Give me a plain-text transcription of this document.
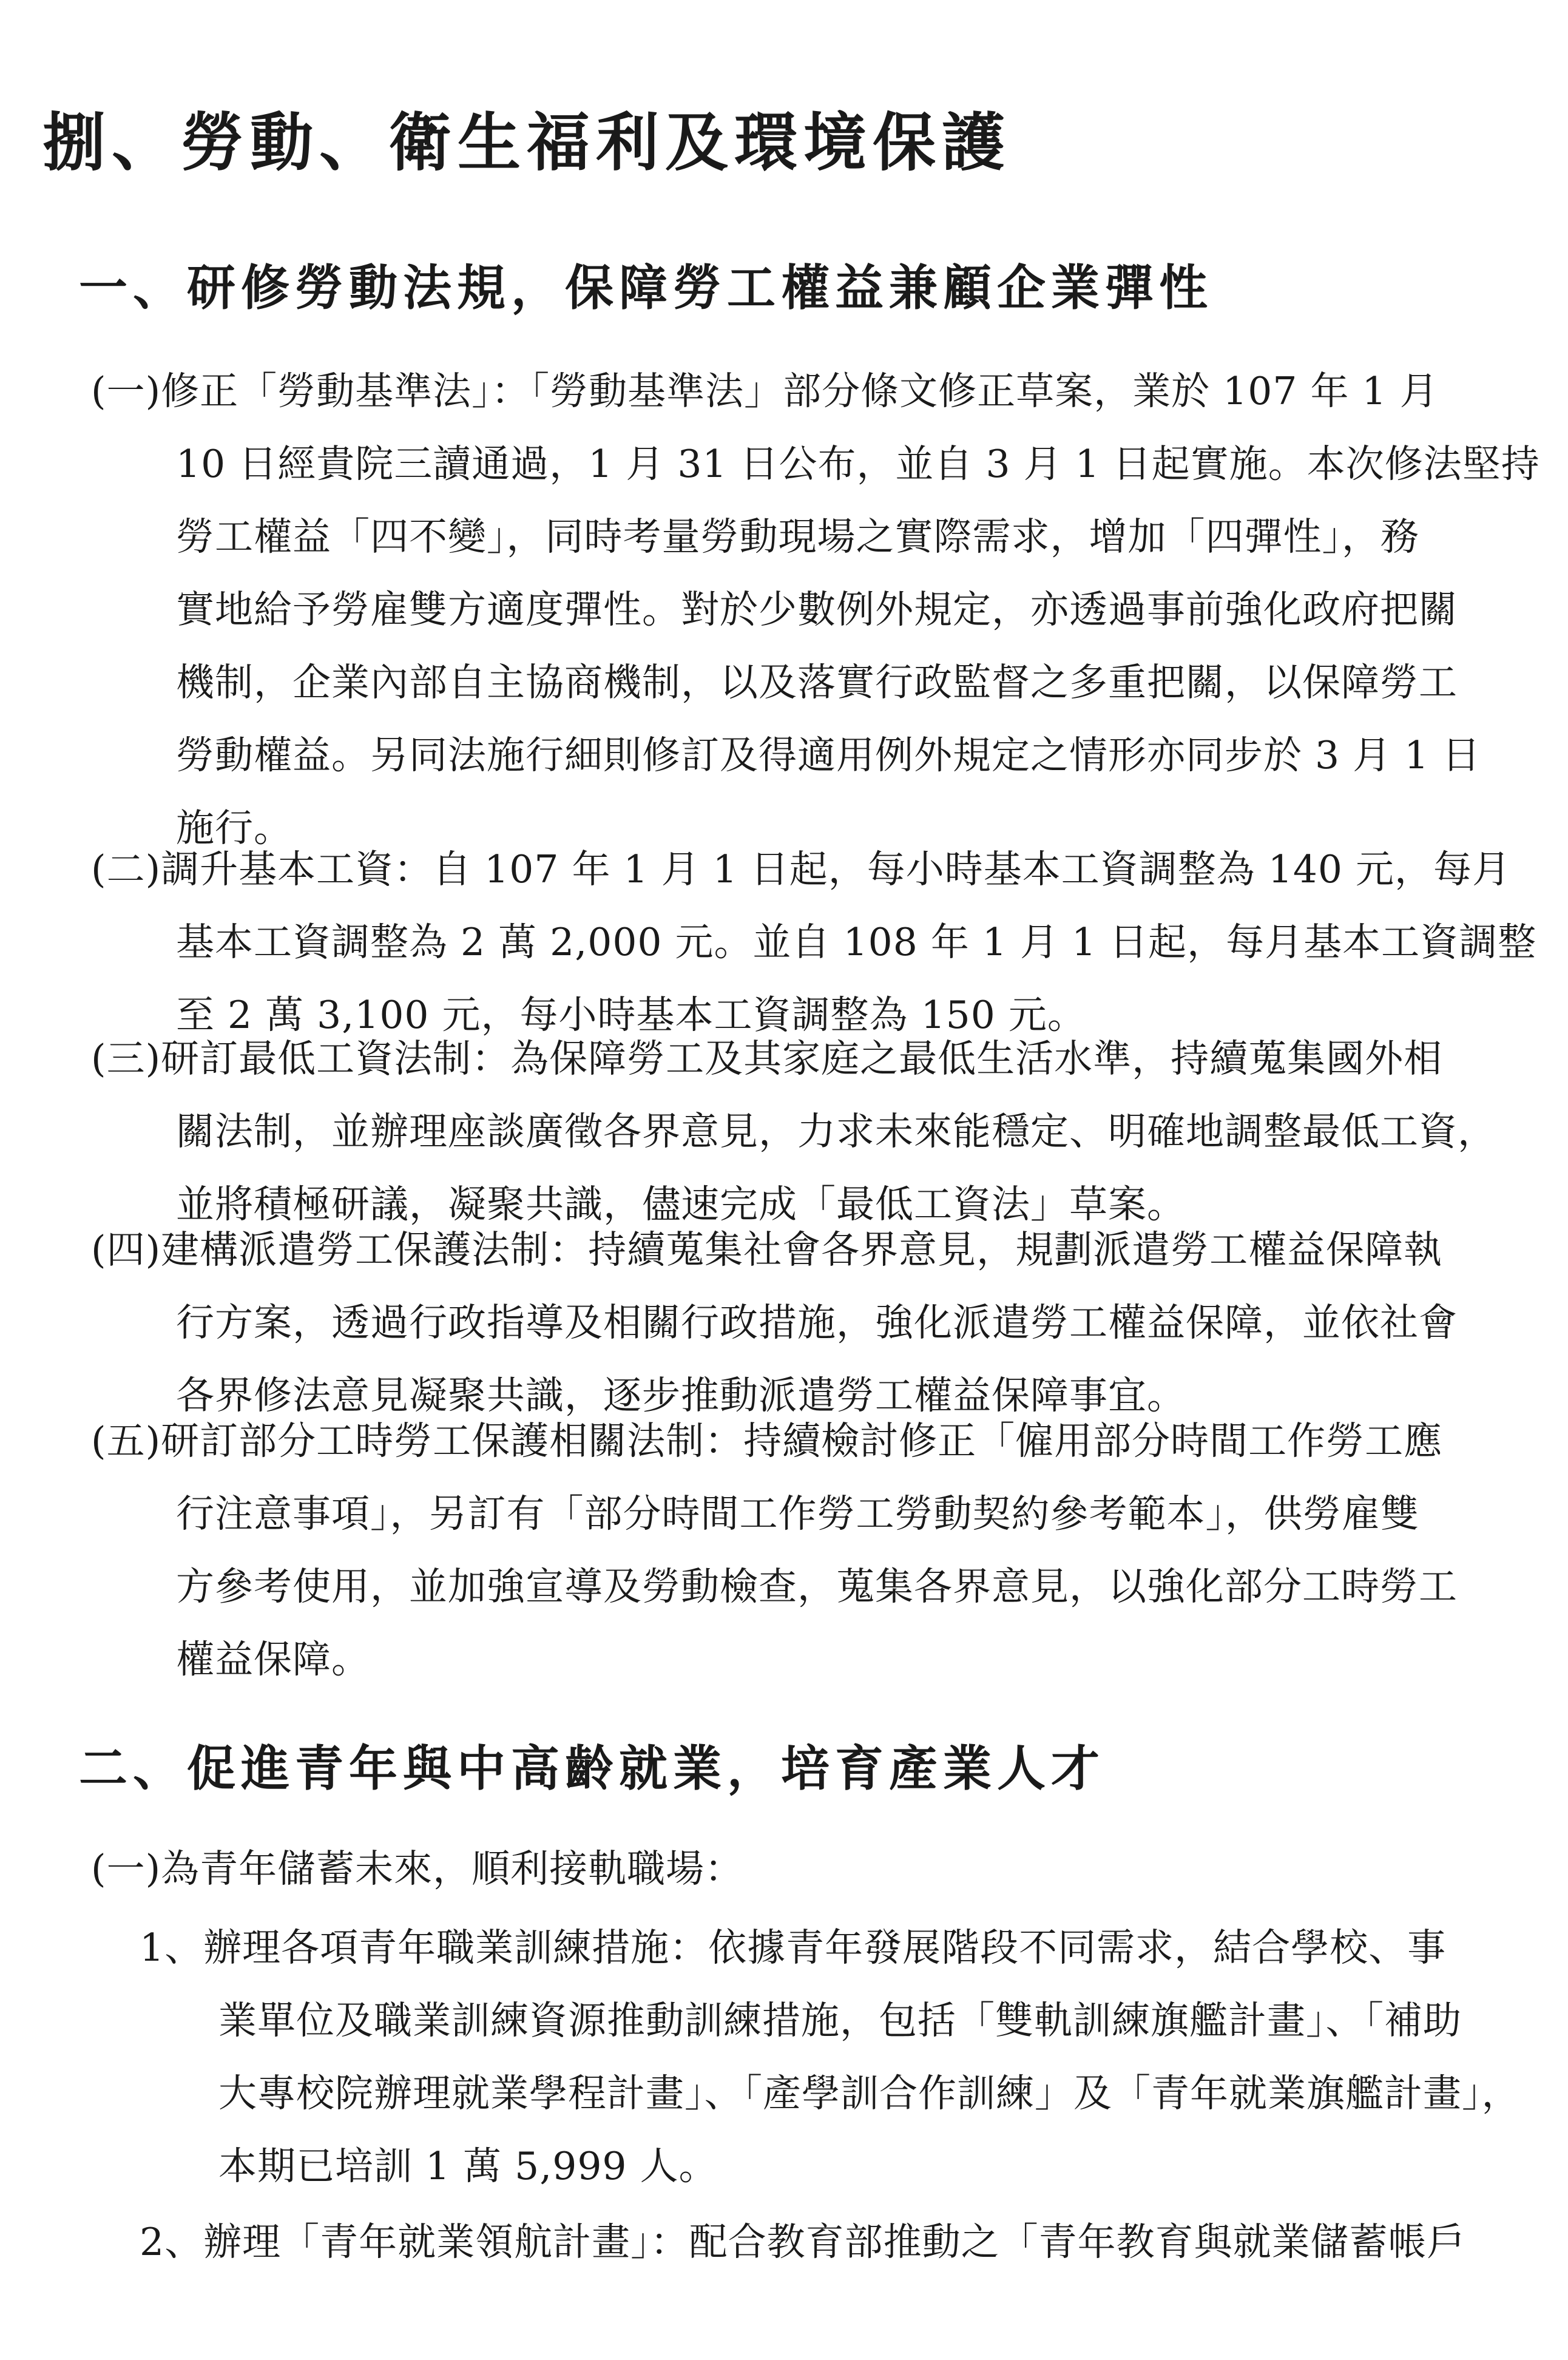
捌、勞動、衛生福利及環境保護
一、研修勞動法規，保障勞工權益兼顧企業彈性
(一)修正「勞動基準法」：「勞動基準法」部分條文修正草案，業於 107 年 1 月
10 日經貴院三讀通過，1 月 31 日公布，並自 3 月 1 日起實施。本次修法堅持
勞工權益「四不變」，同時考量勞動現場之實際需求，增加「四彈性」，務
實地給予勞雇雙方適度彈性。對於少數例外規定，亦透過事前強化政府把關
機制，企業內部自主協商機制，以及落實行政監督之多重把關，以保障勞工
勞動權益。另同法施行細則修訂及得適用例外規定之情形亦同步於 3 月 1 日
施行。
(二)調升基本工資：自 107 年 1 月 1 日起，每小時基本工資調整為 140 元，每月
基本工資調整為 2 萬 2,000 元。並自 108 年 1 月 1 日起，每月基本工資調整
至 2 萬 3,100 元，每小時基本工資調整為 150 元。
(三)研訂最低工資法制：為保障勞工及其家庭之最低生活水準，持續蒐集國外相
關法制，並辦理座談廣徵各界意見，力求未來能穩定、明確地調整最低工資，
並將積極研議，凝聚共識，儘速完成「最低工資法」草案。
(四)建構派遣勞工保護法制：持續蒐集社會各界意見，規劃派遣勞工權益保障執
行方案，透過行政指導及相關行政措施，強化派遣勞工權益保障，並依社會
各界修法意見凝聚共識，逐步推動派遣勞工權益保障事宜。
(五)研訂部分工時勞工保護相關法制：持續檢討修正「僱用部分時間工作勞工應
行注意事項」，另訂有「部分時間工作勞工勞動契約參考範本」，供勞雇雙
方參考使用，並加強宣導及勞動檢查，蒐集各界意見，以強化部分工時勞工
權益保障。
二、促進青年與中高齡就業，培育產業人才
(一)為青年儲蓄未來，順利接軌職場：
1、辦理各項青年職業訓練措施：依據青年發展階段不同需求，結合學校、事
業單位及職業訓練資源推動訓練措施，包括「雙軌訓練旗艦計畫」、「補助
大專校院辦理就業學程計畫」、「產學訓合作訓練」及「青年就業旗艦計畫」，
本期已培訓 1 萬 5,999 人。
2、辦理「青年就業領航計畫」：配合教育部推動之「青年教育與就業儲蓄帳戶
